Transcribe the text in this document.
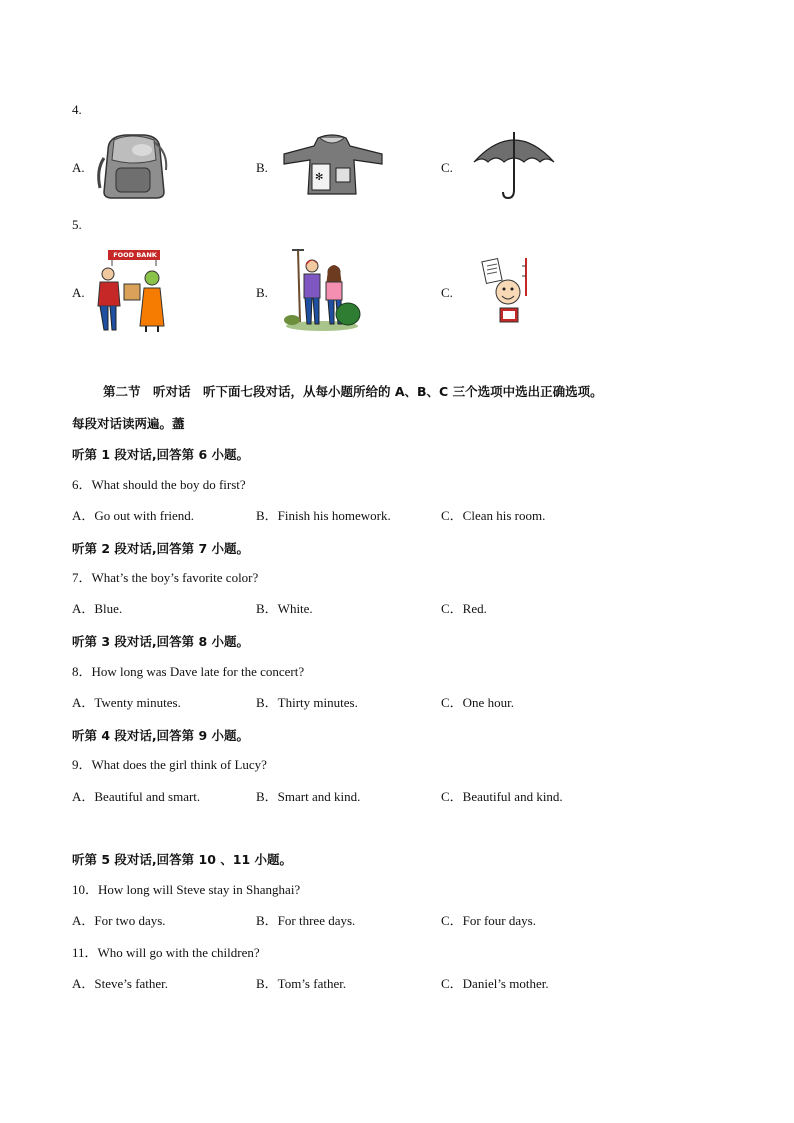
4.
A.	B.	C.
✻
5.
A.	B.	C.
FOOD BANK
第二节　听对话　听下面七段对话，从每小题所给的 A、B、C 三个选项中选出正确选项。
每段对话读两遍。藎
听第 1 段对话,回答第 6 小题。
6．What should the boy do first?
A．Go out with friend.	B．Finish his homework.	C．Clean his room.
听第 2 段对话,回答第 7 小题。
7．What’s the boy’s favorite color?
A．Blue.	B．White.	C．Red.
听第 3 段对话,回答第 8 小题。
8．How long was Dave late for the concert?
A．Twenty minutes.	B．Thirty minutes.	C．One hour.
听第 4 段对话,回答第 9 小题。
9．What does the girl think of Lucy?
A．Beautiful and smart.	B．Smart and kind.	C．Beautiful and kind.
听第 5 段对话,回答第 10 、11 小题。
10．How long will Steve stay in Shanghai?
A．For two days.	B．For three days.	C．For four days.
11．Who will go with the children?
A．Steve’s father.	B．Tom’s father.	C．Daniel’s mother.
